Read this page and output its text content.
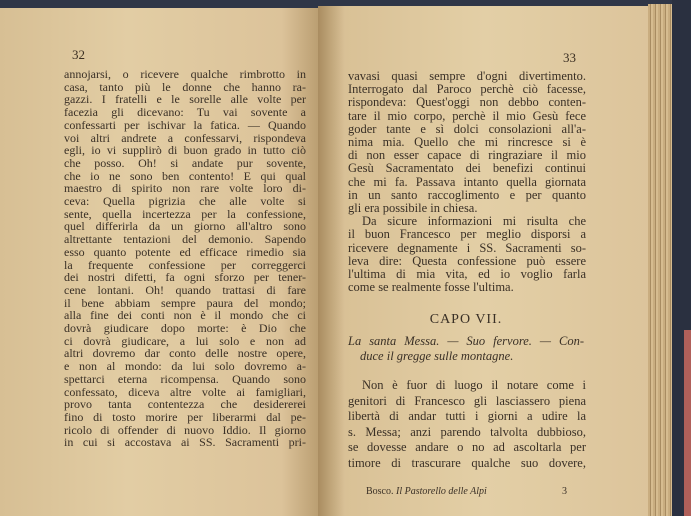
32
annojarsi, o ricevere qualche rimbrotto in
casa, tanto più le donne che hanno ra-
gazzi. I fratelli e le sorelle alle volte per
facezia gli dicevano: Tu vai sovente a
confessarti per ischivar la fatica. — Quando
voi altri andrete a confessarvi, rispondeva
egli, io vi supplirò di buon grado in tutto ciò
che posso. Oh! si andate pur sovente,
che io ne sono ben contento! E qui qual
maestro di spirito non rare volte loro di-
ceva: Quella pigrizia che alle volte si
sente, quella incertezza per la confessione,
quel differirla da un giorno all'altro sono
altrettante tentazioni del demonio. Sapendo
esso quanto potente ed efficace rimedio sia
la frequente confessione per correggerci
dei nostri difetti, fa ogni sforzo per tener-
cene lontani. Oh! quando trattasi di fare
il bene abbiam sempre paura del mondo;
alla fine dei conti non è il mondo che ci
dovrà giudicare dopo morte: è Dio che
ci dovrà giudicare, a lui solo e non ad
altri dovremo dar conto delle nostre opere,
e non al mondo: da lui solo dovremo a-
spettarci eterna ricompensa. Quando sono
confessato, diceva altre volte ai famigliari,
provo tanta contentezza che desidererei
fino di tosto morire per liberarmi dal pe-
ricolo di offender di nuovo Iddio. Il giorno
in cui si accostava ai SS. Sacramenti pri-
33
vavasi quasi sempre d'ogni divertimento.
Interrogato dal Paroco perchè ciò facesse,
rispondeva: Quest'oggi non debbo conten-
tare il mio corpo, perchè il mio Gesù fece
goder tante e sì dolci consolazioni all'a-
nima mia. Quello che mi rincresce si è
di non esser capace di ringraziare il mio
Gesù Sacramentato dei benefizi continui
che mi fa. Passava intanto quella giornata
in un santo raccoglimento e per quanto
gli era possibile in chiesa.
Da sicure informazioni mi risulta che
il buon Francesco per meglio disporsi a
ricevere degnamente i SS. Sacramenti so-
leva dire: Questa confessione può essere
l'ultima di mia vita, ed io voglio farla
come se realmente fosse l'ultima.
CAPO VII.
La santa Messa. — Suo fervore. — Con-
duce il gregge sulle montagne.
Non è fuor di luogo il notare come i
genitori di Francesco gli lasciassero piena
libertà di andar tutti i giorni a udire la
s. Messa; anzi parendo talvolta dubbioso,
se dovesse andare o no ad ascoltarla per
timore di trascurare qualche suo dovere,
Bosco. Il Pastorello delle Alpi	3
